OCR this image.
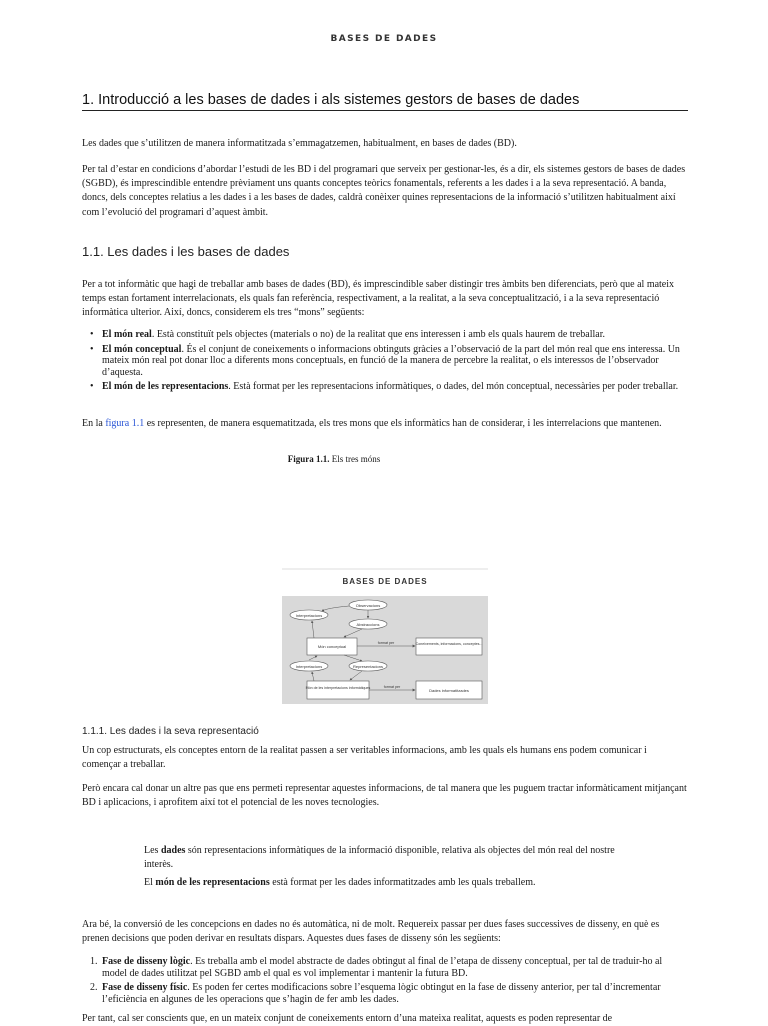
BASES DE DADES
1. Introducció a les bases de dades i als sistemes gestors de bases de dades

Les dades que s’utilitzen de manera informatitzada s’emmagatzemen, habitualment, en bases de dades (BD).

Per tal d’estar en condicions d’abordar l’estudi de les BD i del programari que serveix per gestionar-les, és a dir, els sistemes gestors de bases de dades (SGBD), és imprescindible entendre prèviament uns quants conceptes teòrics fonamentals, referents a les dades i a la seva representació. A banda, doncs, dels conceptes relatius a les dades i a les bases de dades, caldrà conèixer quines representacions de la informació s’utilitzen habitualment així com l’evolució del programari d’aquest àmbit.

1.1. Les dades i les bases de dades

Per a tot informàtic que hagi de treballar amb bases de dades (BD), és imprescindible saber distingir tres àmbits ben diferenciats, però que al mateix temps estan fortament interrelacionats, els quals fan referència, respectivament, a la realitat, a la seva conceptualització, i a la seva representació informàtica ulterior. Així, doncs, considerem els tres “mons” següents:

• El món real. Està constituït pels objectes (materials o no) de la realitat que ens interessen i amb els quals haurem de treballar.
• El món conceptual. És el conjunt de coneixements o informacions obtinguts gràcies a l’observació de la part del món real que ens interessa. Un mateix món real pot donar lloc a diferents mons conceptuals, en funció de la manera de percebre la realitat, o els interessos de l’observador d’aquesta.
• El món de les representacions. Està format per les representacions informàtiques, o dades, del món conceptual, necessàries per poder treballar.

En la figura 1.1 es representen, de manera esquematitzada, els tres mons que els informàtics han de considerar, i les interrelacions que mantenen.

Figura 1.1. Els tres móns
BASES DE DADES
Observacions
Interpretacions
Abstraccions
Món conceptual	Coneixements, informacions, conceptes...
format per
Interpretacions	Representacions
Món de les interpretacions informàtiques	Dades informatitzades
format per
1.1.1. Les dades i la seva representació

Un cop estructurats, els conceptes entorn de la realitat passen a ser veritables informacions, amb les quals els humans ens podem comunicar i començar a treballar.

Però encara cal donar un altre pas que ens permeti representar aquestes informacions, de tal manera que les puguem tractar informàticament mitjançant BD i aplicacions, i aprofitem així tot el potencial de les noves tecnologies.

Les dades són representacions informàtiques de la informació disponible, relativa als objectes del món real del nostre interès.

El món de les representacions està format per les dades informatitzades amb les quals treballem.

Ara bé, la conversió de les concepcions en dades no és automàtica, ni de molt. Requereix passar per dues fases successives de disseny, en què es prenen decisions que poden derivar en resultats dispars. Aquestes dues fases de disseny són les següents:

1. Fase de disseny lògic. Es treballa amb el model abstracte de dades obtingut al final de l’etapa de disseny conceptual, per tal de traduir-ho al model de dades utilitzat pel SGBD amb el qual es vol implementar i mantenir la futura BD.
2. Fase de disseny físic. Es poden fer certes modificacions sobre l’esquema lògic obtingut en la fase de disseny anterior, per tal d’incrementar l’eficiència en algunes de les operacions que s’hagin de fer amb les dades.

Per tant, cal ser conscients que, en un mateix conjunt de coneixements entorn d’una mateixa realitat, aquests es poden representar de
